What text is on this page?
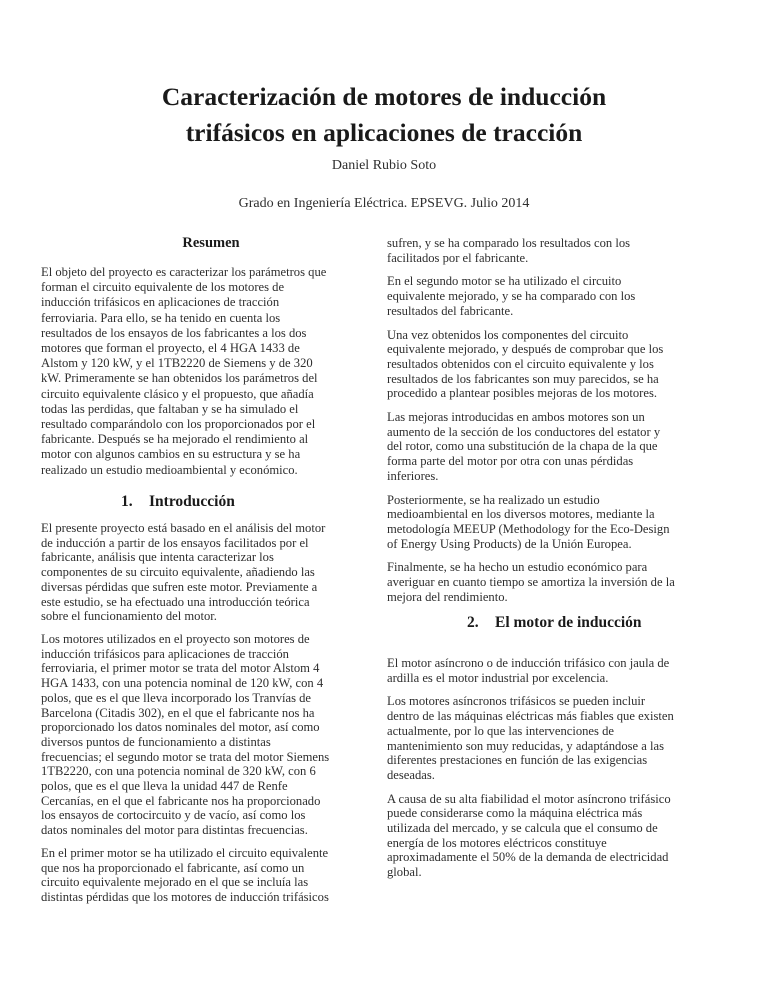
Caracterización de motores de inducción
trifásicos en aplicaciones de tracción
Daniel Rubio Soto
Grado en Ingeniería Eléctrica. EPSEVG. Julio 2014
Resumen
El objeto del proyecto es caracterizar los parámetros que
forman el circuito equivalente de los motores de
inducción trifásicos en aplicaciones de tracción
ferroviaria. Para ello, se ha tenido en cuenta los
resultados de los ensayos de los fabricantes a los dos
motores que forman el proyecto, el 4 HGA 1433 de
Alstom y 120 kW, y el 1TB2220 de Siemens y de 320
kW. Primeramente se han obtenidos los parámetros del
circuito equivalente clásico y el propuesto, que añadía
todas las perdidas, que faltaban y se ha simulado el
resultado comparándolo con los proporcionados por el
fabricante. Después se ha mejorado el rendimiento al
motor con algunos cambios en su estructura y se ha
realizado un estudio medioambiental y económico.
1. Introducción
El presente proyecto está basado en el análisis del motor
de inducción a partir de los ensayos facilitados por el
fabricante, análisis que intenta caracterizar los
componentes de su circuito equivalente, añadiendo las
diversas pérdidas que sufren este motor. Previamente a
este estudio, se ha efectuado una introducción teórica
sobre el funcionamiento del motor.
Los motores utilizados en el proyecto son motores de
inducción trifásicos para aplicaciones de tracción
ferroviaria, el primer motor se trata del motor Alstom 4
HGA 1433, con una potencia nominal de 120 kW, con 4
polos, que es el que lleva incorporado los Tranvías de
Barcelona (Citadis 302), en el que el fabricante nos ha
proporcionado los datos nominales del motor, así como
diversos puntos de funcionamiento a distintas
frecuencias; el segundo motor se trata del motor Siemens
1TB2220, con una potencia nominal de 320 kW, con 6
polos, que es el que lleva la unidad 447 de Renfe
Cercanías, en el que el fabricante nos ha proporcionado
los ensayos de cortocircuito y de vacío, así como los
datos nominales del motor para distintas frecuencias.
En el primer motor se ha utilizado el circuito equivalente
que nos ha proporcionado el fabricante, así como un
circuito equivalente mejorado en el que se incluía las
distintas pérdidas que los motores de inducción trifásicos
sufren, y se ha comparado los resultados con los
facilitados por el fabricante.
En el segundo motor se ha utilizado el circuito
equivalente mejorado, y se ha comparado con los
resultados del fabricante.
Una vez obtenidos los componentes del circuito
equivalente mejorado, y después de comprobar que los
resultados obtenidos con el circuito equivalente y los
resultados de los fabricantes son muy parecidos, se ha
procedido a plantear posibles mejoras de los motores.
Las mejoras introducidas en ambos motores son un
aumento de la sección de los conductores del estator y
del rotor, como una substitución de la chapa de la que
forma parte del motor por otra con unas pérdidas
inferiores.
Posteriormente, se ha realizado un estudio
medioambiental en los diversos motores, mediante la
metodología MEEUP (Methodology for the Eco-Design
of Energy Using Products) de la Unión Europea.
Finalmente, se ha hecho un estudio económico para
averiguar en cuanto tiempo se amortiza la inversión de la
mejora del rendimiento.
2. El motor de inducción
El motor asíncrono o de inducción trifásico con jaula de
ardilla es el motor industrial por excelencia.
Los motores asíncronos trifásicos se pueden incluir
dentro de las máquinas eléctricas más fiables que existen
actualmente, por lo que las intervenciones de
mantenimiento son muy reducidas, y adaptándose a las
diferentes prestaciones en función de las exigencias
deseadas.
A causa de su alta fiabilidad el motor asíncrono trifásico
puede considerarse como la máquina eléctrica más
utilizada del mercado, y se calcula que el consumo de
energía de los motores eléctricos constituye
aproximadamente el 50% de la demanda de electricidad
global.
